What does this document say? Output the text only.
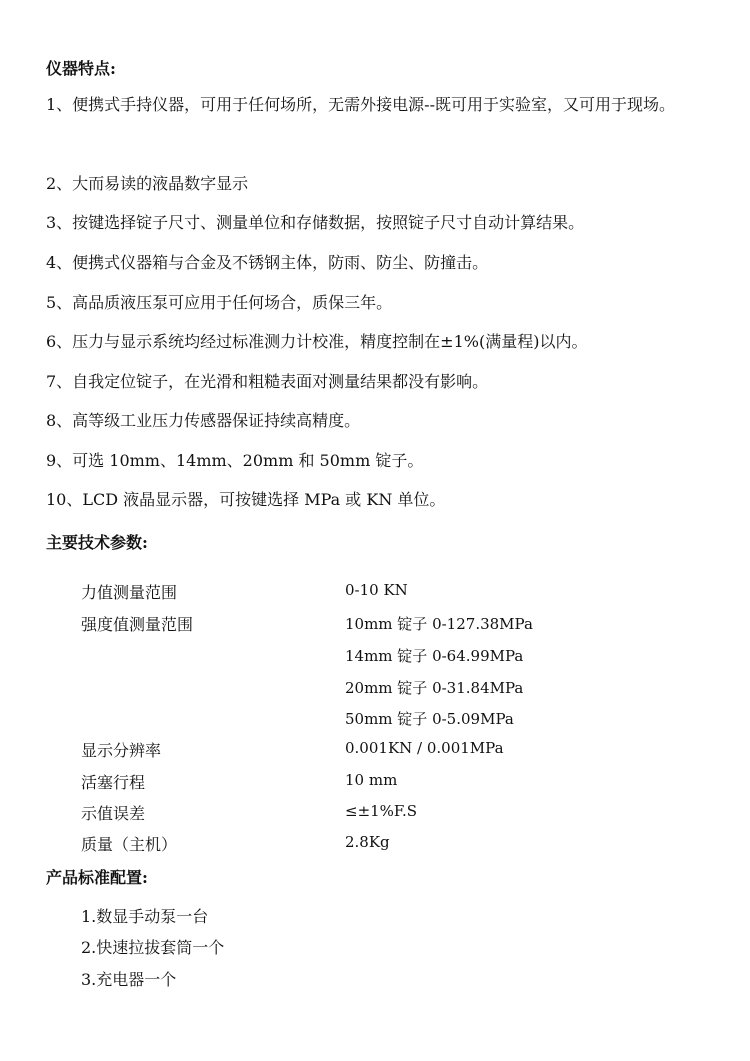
仪器特点:
1、便携式手持仪器，可用于任何场所，无需外接电源--既可用于实验室，又可用于现场。
2、大而易读的液晶数字显示
3、按键选择锭子尺寸、测量单位和存储数据，按照锭子尺寸自动计算结果。
4、便携式仪器箱与合金及不锈钢主体，防雨、防尘、防撞击。
5、高品质液压泵可应用于任何场合，质保三年。
6、压力与显示系统均经过标准测力计校准，精度控制在±1%(满量程)以内。
7、自我定位锭子，在光滑和粗糙表面对测量结果都没有影响。
8、高等级工业压力传感器保证持续高精度。
9、可选 10mm、14mm、20mm 和 50mm 锭子。
10、LCD 液晶显示器，可按键选择 MPa 或 KN 单位。
主要技术参数:
力值测量范围	0-10 KN
强度值测量范围	10mm 锭子 0-127.38MPa
14mm 锭子 0-64.99MPa
20mm 锭子 0-31.84MPa
50mm 锭子 0-5.09MPa
显示分辨率	0.001KN / 0.001MPa
活塞行程	10 mm
示值误差	≤±1%F.S
质量（主机）	2.8Kg
产品标准配置:
1.数显手动泵一台
2.快速拉拔套筒一个
3.充电器一个
